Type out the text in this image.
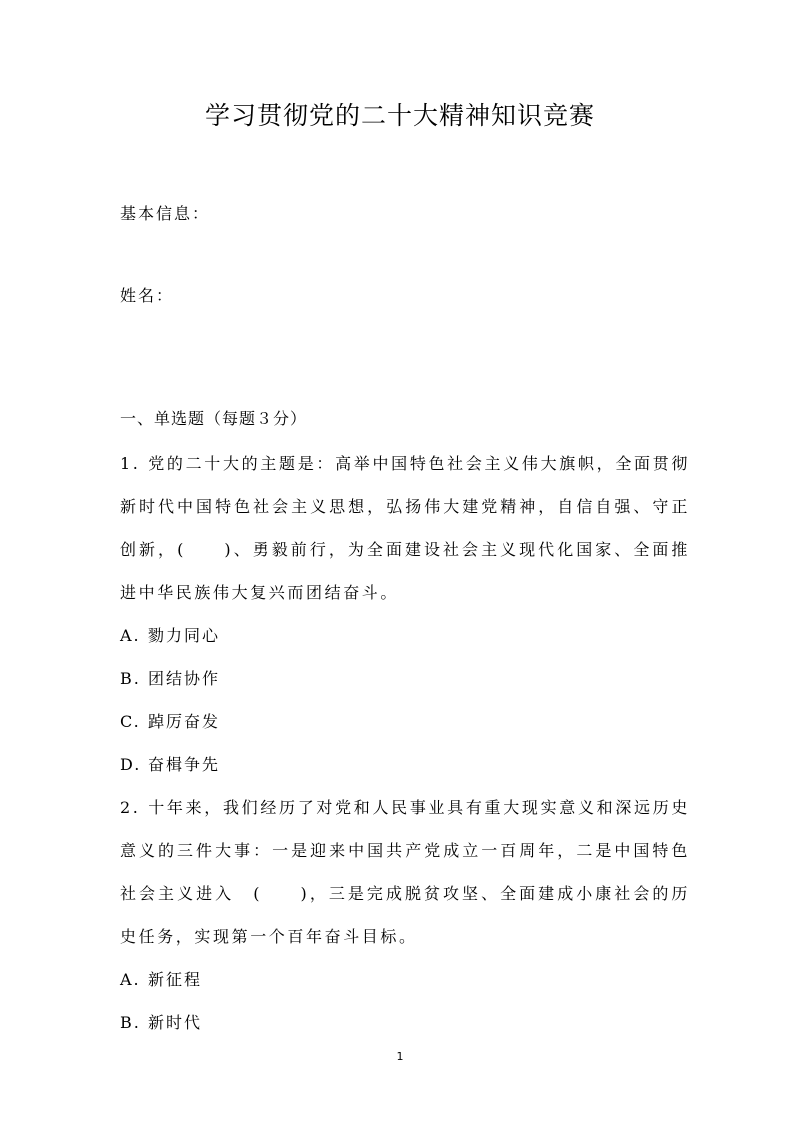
学习贯彻党的二十大精神知识竞赛
基本信息：
姓名：
一、单选题（每题３分）

1. 党的二十大的主题是：高举中国特色社会主义伟大旗帜，全面贯彻新时代中国特色社会主义思想，弘扬伟大建党精神，自信自强、守正创新，(　　)、勇毅前行，为全面建设社会主义现代化国家、全面推进中华民族伟大复兴而团结奋斗。

A. 勠力同心
B. 团结协作
C. 踔厉奋发
D. 奋楫争先

2. 十年来，我们经历了对党和人民事业具有重大现实意义和深远历史意义的三件大事：一是迎来中国共产党成立一百周年，二是中国特色社会主义进入　(　　)，三是完成脱贫攻坚、全面建成小康社会的历史任务，实现第一个百年奋斗目标。

A. 新征程
B. 新时代
1
